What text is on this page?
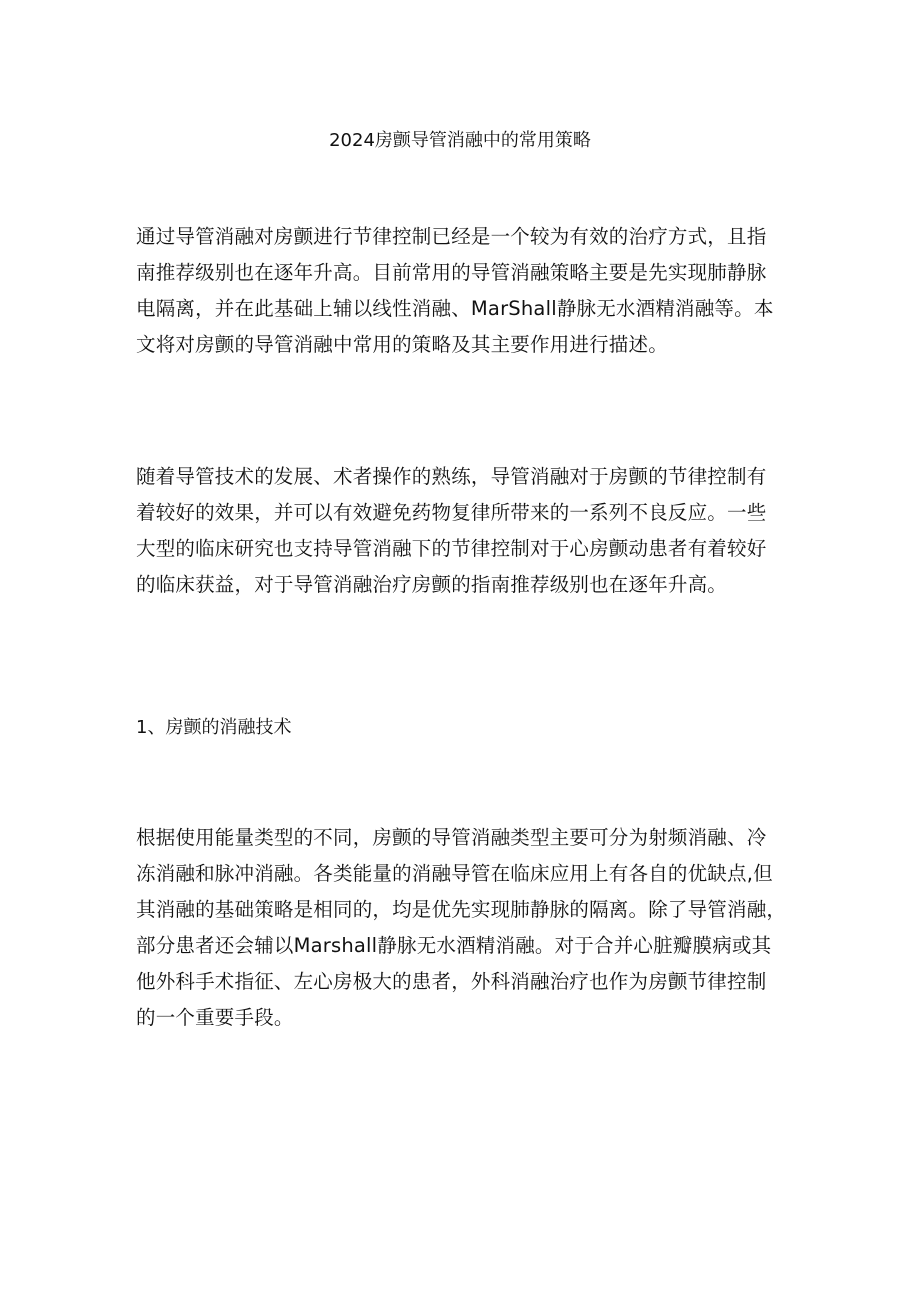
2024房颤导管消融中的常用策略

通过导管消融对房颤进行节律控制已经是一个较为有效的治疗方式，且指
南推荐级别也在逐年升高。目前常用的导管消融策略主要是先实现肺静脉
电隔离，并在此基础上辅以线性消融、MarShall静脉无水酒精消融等。本
文将对房颤的导管消融中常用的策略及其主要作用进行描述。

随着导管技术的发展、术者操作的熟练，导管消融对于房颤的节律控制有
着较好的效果，并可以有效避免药物复律所带来的一系列不良反应。一些
大型的临床研究也支持导管消融下的节律控制对于心房颤动患者有着较好
的临床获益，对于导管消融治疗房颤的指南推荐级别也在逐年升高。

1、房颤的消融技术

根据使用能量类型的不同，房颤的导管消融类型主要可分为射频消融、冷
冻消融和脉冲消融。各类能量的消融导管在临床应用上有各自的优缺点,但
其消融的基础策略是相同的，均是优先实现肺静脉的隔离。除了导管消融，
部分患者还会辅以Marshall静脉无水酒精消融。对于合并心脏瓣膜病或其
他外科手术指征、左心房极大的患者，外科消融治疗也作为房颤节律控制
的一个重要手段。
